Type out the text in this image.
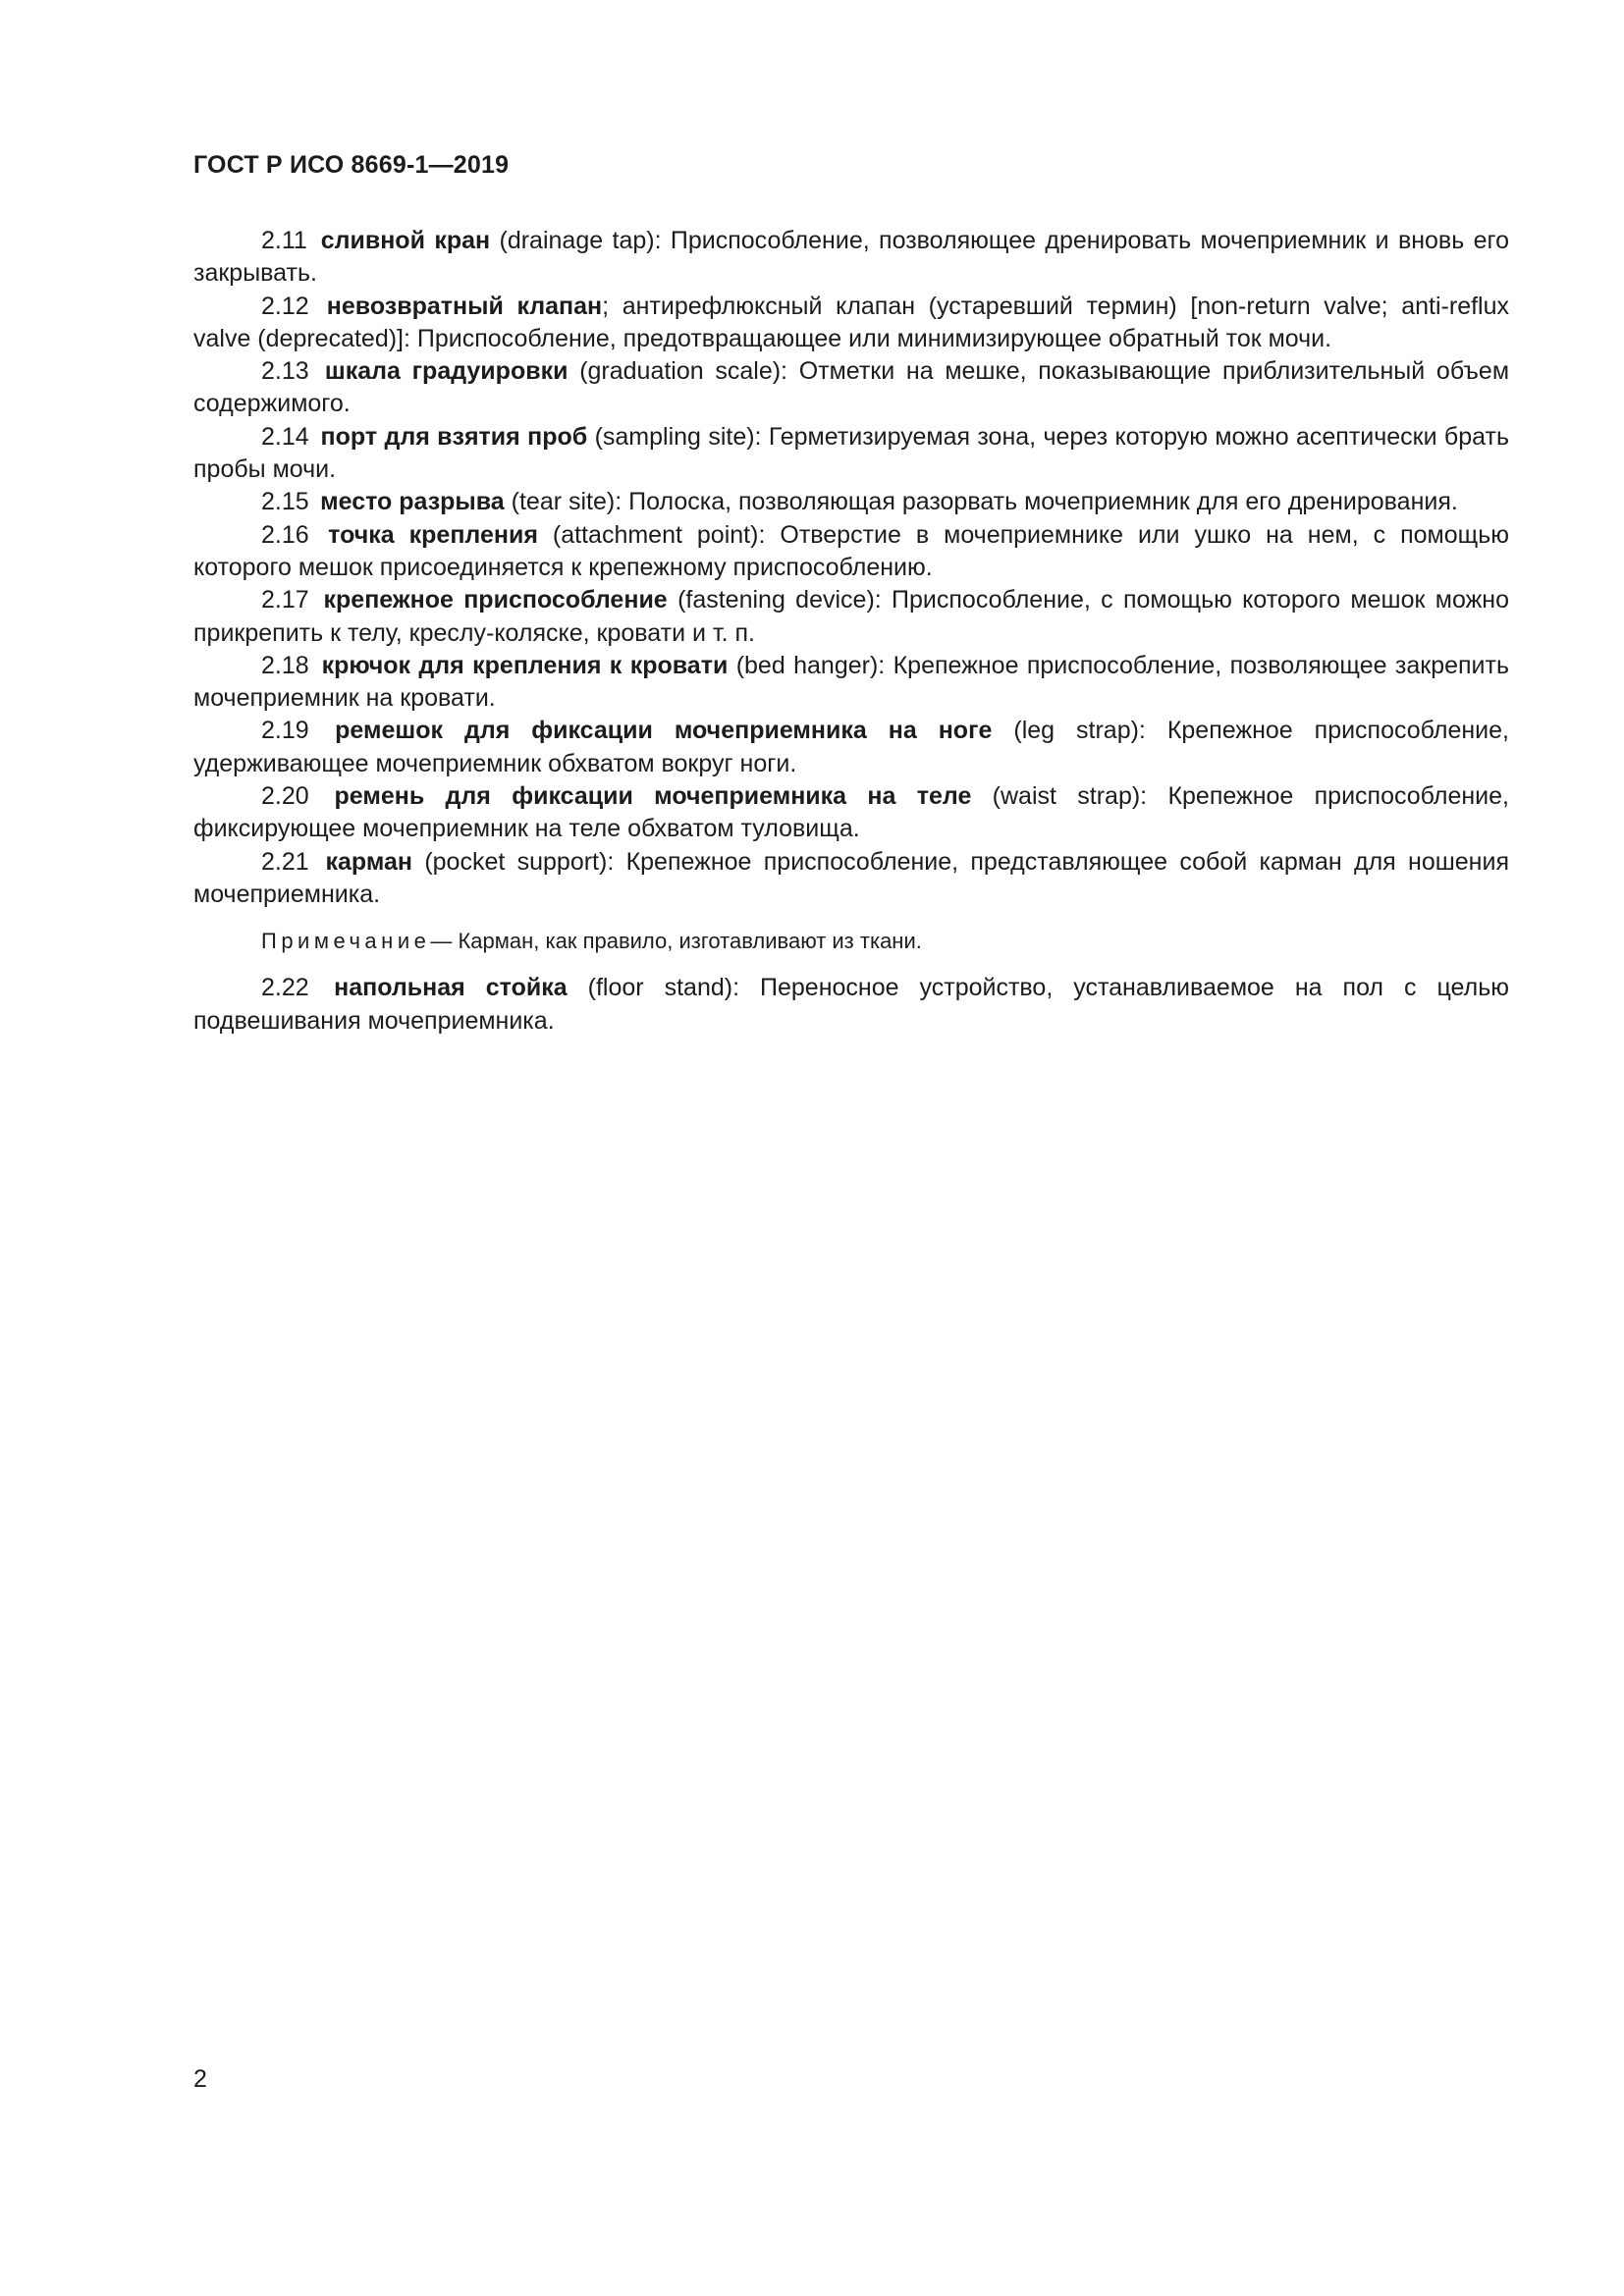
ГОСТ Р ИСО 8669-1—2019

2.11 сливной кран (drainage tap): Приспособление, позволяющее дренировать мочеприемник и вновь его закрывать.

2.12 невозвратный клапан; антирефлюксный клапан (устаревший термин) [non-return valve; anti-reflux valve (deprecated)]: Приспособление, предотвращающее или минимизирующее обратный ток мочи.

2.13 шкала градуировки (graduation scale): Отметки на мешке, показывающие приблизительный объем содержимого.

2.14 порт для взятия проб (sampling site): Герметизируемая зона, через которую можно асептически брать пробы мочи.

2.15 место разрыва (tear site): Полоска, позволяющая разорвать мочеприемник для его дренирования.

2.16 точка крепления (attachment point): Отверстие в мочеприемнике или ушко на нем, с помощью которого мешок присоединяется к крепежному приспособлению.

2.17 крепежное приспособление (fastening device): Приспособление, с помощью которого мешок можно прикрепить к телу, креслу-коляске, кровати и т. п.

2.18 крючок для крепления к кровати (bed hanger): Крепежное приспособление, позволяющее закрепить мочеприемник на кровати.

2.19 ремешок для фиксации мочеприемника на ноге (leg strap): Крепежное приспособление, удерживающее мочеприемник обхватом вокруг ноги.

2.20 ремень для фиксации мочеприемника на теле (waist strap): Крепежное приспособление, фиксирующее мочеприемник на теле обхватом туловища.

2.21 карман (pocket support): Крепежное приспособление, представляющее собой карман для ношения мочеприемника.

Примечание— Карман, как правило, изготавливают из ткани.

2.22 напольная стойка (floor stand): Переносное устройство, устанавливаемое на пол с целью подвешивания мочеприемника.

2
